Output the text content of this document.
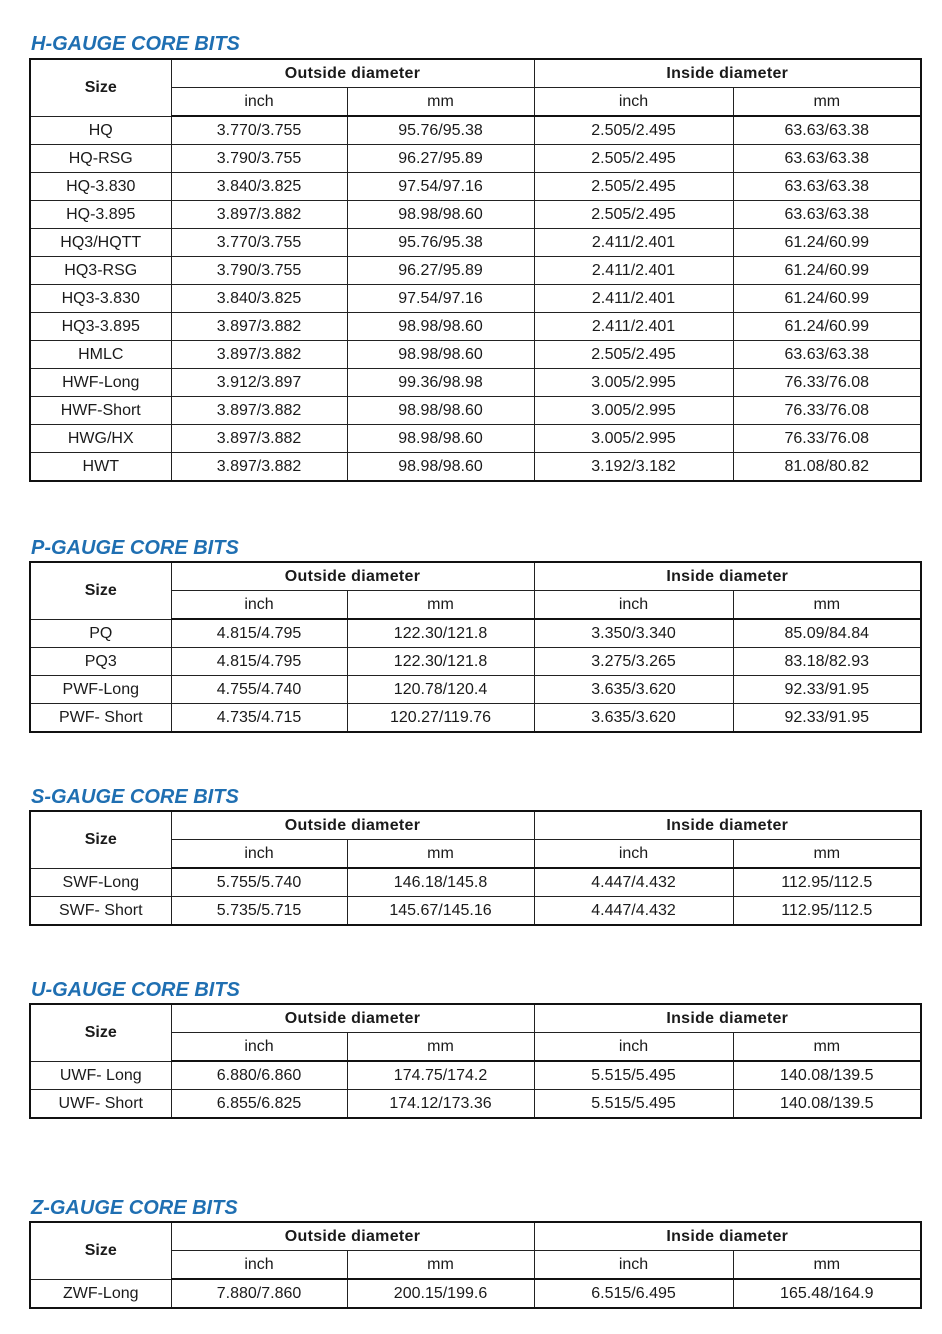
H-GAUGE CORE BITS
Size	Outside diameter		Inside diameter	
	inch	mm	inch	mm
HQ	3.770/3.755	95.76/95.38	2.505/2.495	63.63/63.38
HQ-RSG	3.790/3.755	96.27/95.89	2.505/2.495	63.63/63.38
HQ-3.830	3.840/3.825	97.54/97.16	2.505/2.495	63.63/63.38
HQ-3.895	3.897/3.882	98.98/98.60	2.505/2.495	63.63/63.38
HQ3/HQTT	3.770/3.755	95.76/95.38	2.411/2.401	61.24/60.99
HQ3-RSG	3.790/3.755	96.27/95.89	2.411/2.401	61.24/60.99
HQ3-3.830	3.840/3.825	97.54/97.16	2.411/2.401	61.24/60.99
HQ3-3.895	3.897/3.882	98.98/98.60	2.411/2.401	61.24/60.99
HMLC	3.897/3.882	98.98/98.60	2.505/2.495	63.63/63.38
HWF-Long	3.912/3.897	99.36/98.98	3.005/2.995	76.33/76.08
HWF-Short	3.897/3.882	98.98/98.60	3.005/2.995	76.33/76.08
HWG/HX	3.897/3.882	98.98/98.60	3.005/2.995	76.33/76.08
HWT	3.897/3.882	98.98/98.60	3.192/3.182	81.08/80.82
P-GAUGE CORE BITS
Size	Outside diameter		Inside diameter	
	inch	mm	inch	mm
PQ	4.815/4.795	122.30/121.8	3.350/3.340	85.09/84.84
PQ3	4.815/4.795	122.30/121.8	3.275/3.265	83.18/82.93
PWF-Long	4.755/4.740	120.78/120.4	3.635/3.620	92.33/91.95
PWF- Short	4.735/4.715	120.27/119.76	3.635/3.620	92.33/91.95
S-GAUGE CORE BITS
Size	Outside diameter		Inside diameter	
	inch	mm	inch	mm
SWF-Long	5.755/5.740	146.18/145.8	4.447/4.432	112.95/112.5
SWF- Short	5.735/5.715	145.67/145.16	4.447/4.432	112.95/112.5
U-GAUGE CORE BITS
Size	Outside diameter		Inside diameter	
	inch	mm	inch	mm
UWF- Long	6.880/6.860	174.75/174.2	5.515/5.495	140.08/139.5
UWF- Short	6.855/6.825	174.12/173.36	5.515/5.495	140.08/139.5
Z-GAUGE CORE BITS
Size	Outside diameter		Inside diameter	
	inch	mm	inch	mm
ZWF-Long	7.880/7.860	200.15/199.6	6.515/6.495	165.48/164.9
